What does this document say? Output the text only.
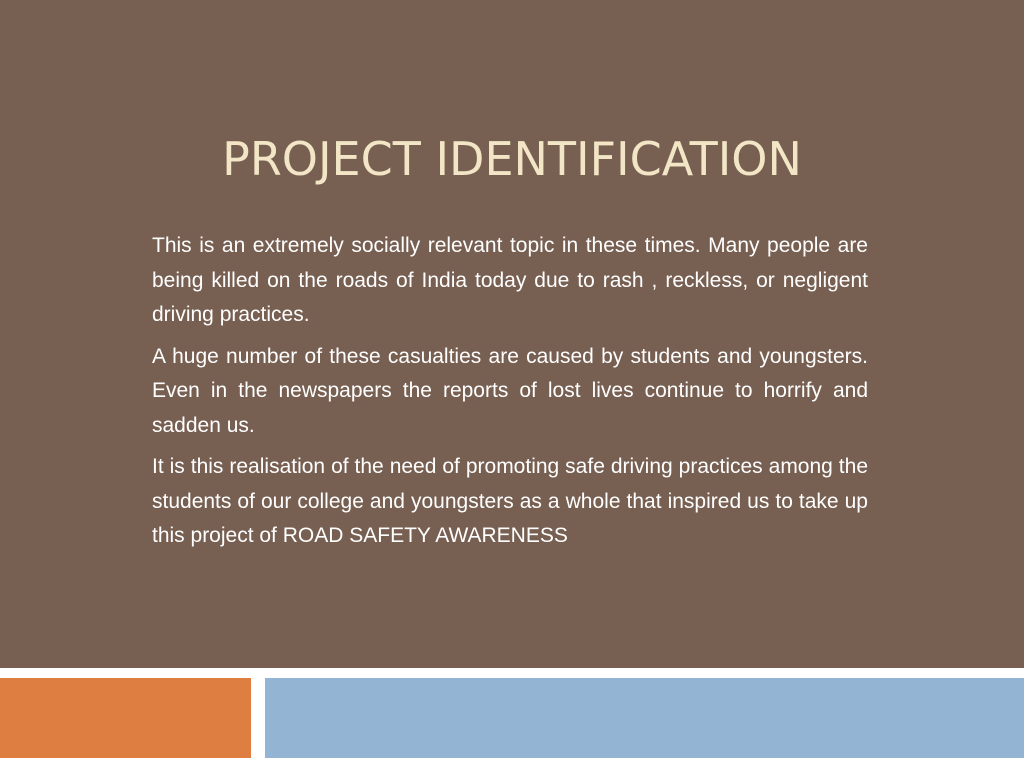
PROJECT IDENTIFICATION

This is an extremely socially relevant topic in these times. Many people are being killed on the roads of India today due to rash , reckless, or negligent driving practices.

A huge number of these casualties are caused by students and youngsters. Even in the newspapers the reports of lost lives continue to horrify and sadden us.

It is this realisation of the need of promoting safe driving practices among the students of our college and youngsters as a whole that inspired us to take up this project of ROAD SAFETY AWARENESS
